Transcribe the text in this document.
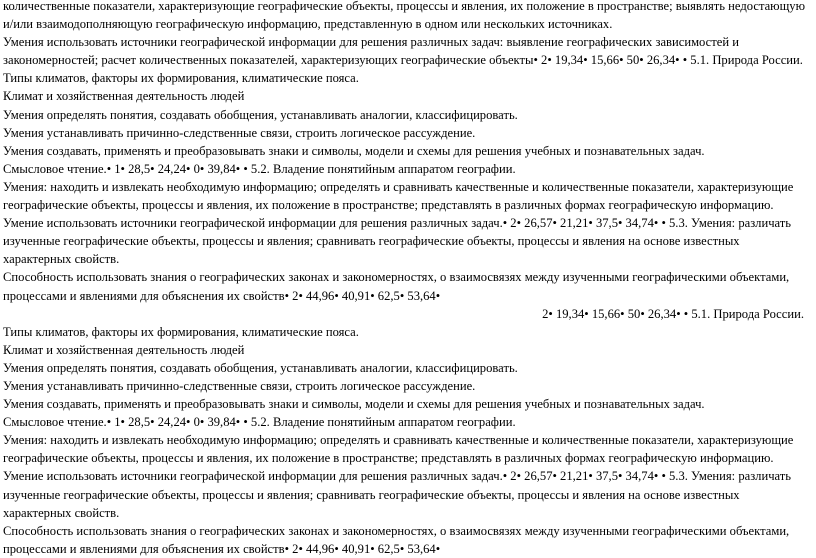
количественные показатели, характеризующие географические объекты, процессы и явления, их положение в пространстве; выявлять недостающую и/или взаимодополняющую географическую информацию, представленную в одном или нескольких источниках.

Умения использовать источники географической информации для решения различных задач: выявление географических зависимостей и закономерностей; расчет количественных показателей, характеризующих географические объекты• 2• 19,34• 15,66• 50• 26,34• • 5.1. Природа России.

Типы климатов, факторы их формирования, климатические пояса.

Климат и хозяйственная деятельность людей

Умения определять понятия, создавать обобщения, устанавливать аналогии, классифицировать.

Умения устанавливать причинно-следственные связи, строить логическое рассуждение.

Умения создавать, применять и преобразовывать знаки и символы, модели и схемы для решения учебных и познавательных задач.

Смысловое чтение.• 1• 28,5• 24,24• 0• 39,84• • 5.2. Владение понятийным аппаратом географии.

Умения: находить и извлекать необходимую информацию; определять и сравнивать качественные и количественные показатели, характеризующие географические объекты, процессы и явления, их положение в пространстве; представлять в различных формах географическую информацию.

Умение использовать источники географической информации для решения различных задач.• 2• 26,57• 21,21• 37,5• 34,74• • 5.3. Умения: различать изученные географические объекты, процессы и явления; сравнивать географические объекты, процессы и явления на основе известных характерных свойств.

Способность использовать знания о географических законах и закономерностях, о взаимосвязях между изученными географическими объектами, процессами и явлениями для объяснения их свойств• 2• 44,96• 40,91• 62,5• 53,64•

2• 19,34• 15,66• 50• 26,34• • 5.1. Природа России.

Типы климатов, факторы их формирования, климатические пояса.

Климат и хозяйственная деятельность людей

Умения определять понятия, создавать обобщения, устанавливать аналогии, классифицировать.

Умения устанавливать причинно-следственные связи, строить логическое рассуждение.

Умения создавать, применять и преобразовывать знаки и символы, модели и схемы для решения учебных и познавательных задач.

Смысловое чтение.• 1• 28,5• 24,24• 0• 39,84• • 5.2. Владение понятийным аппаратом географии.

Умения: находить и извлекать необходимую информацию; определять и сравнивать качественные и количественные показатели, характеризующие географические объекты, процессы и явления, их положение в пространстве; представлять в различных формах географическую информацию.

Умение использовать источники географической информации для решения различных задач.• 2• 26,57• 21,21• 37,5• 34,74• • 5.3. Умения: различать изученные географические объекты, процессы и явления; сравнивать географические объекты, процессы и явления на основе известных характерных свойств.

Способность использовать знания о географических законах и закономерностях, о взаимосвязях между изученными географическими объектами, процессами и явлениями для объяснения их свойств• 2• 44,96• 40,91• 62,5• 53,64•
